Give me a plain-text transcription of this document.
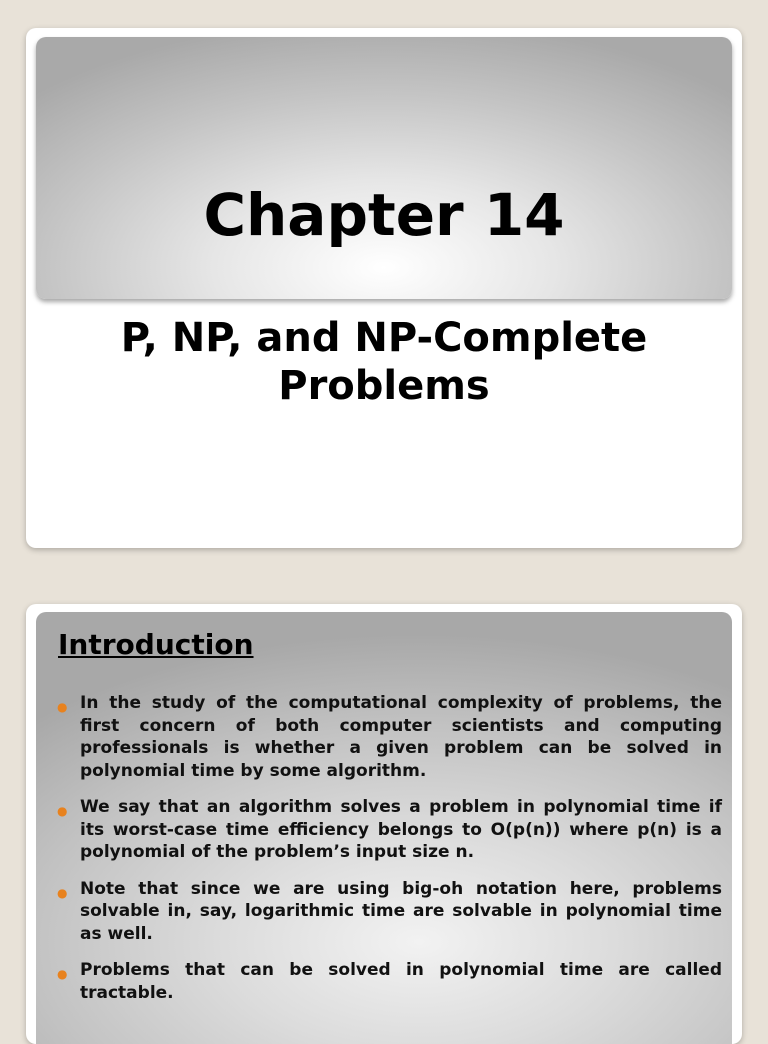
Chapter 14
P, NP, and NP-Complete
Problems
Introduction
● In the study of the computational complexity of problems, the first concern of both computer scientists and computing professionals is whether a given problem can be solved in polynomial time by some algorithm.
● We say that an algorithm solves a problem in polynomial time if its worst-case time efficiency belongs to O(p(n)) where p(n) is a polynomial of the problem’s input size n.
● Note that since we are using big-oh notation here, problems solvable in, say, logarithmic time are solvable in polynomial time as well.
● Problems that can be solved in polynomial time are called tractable.
